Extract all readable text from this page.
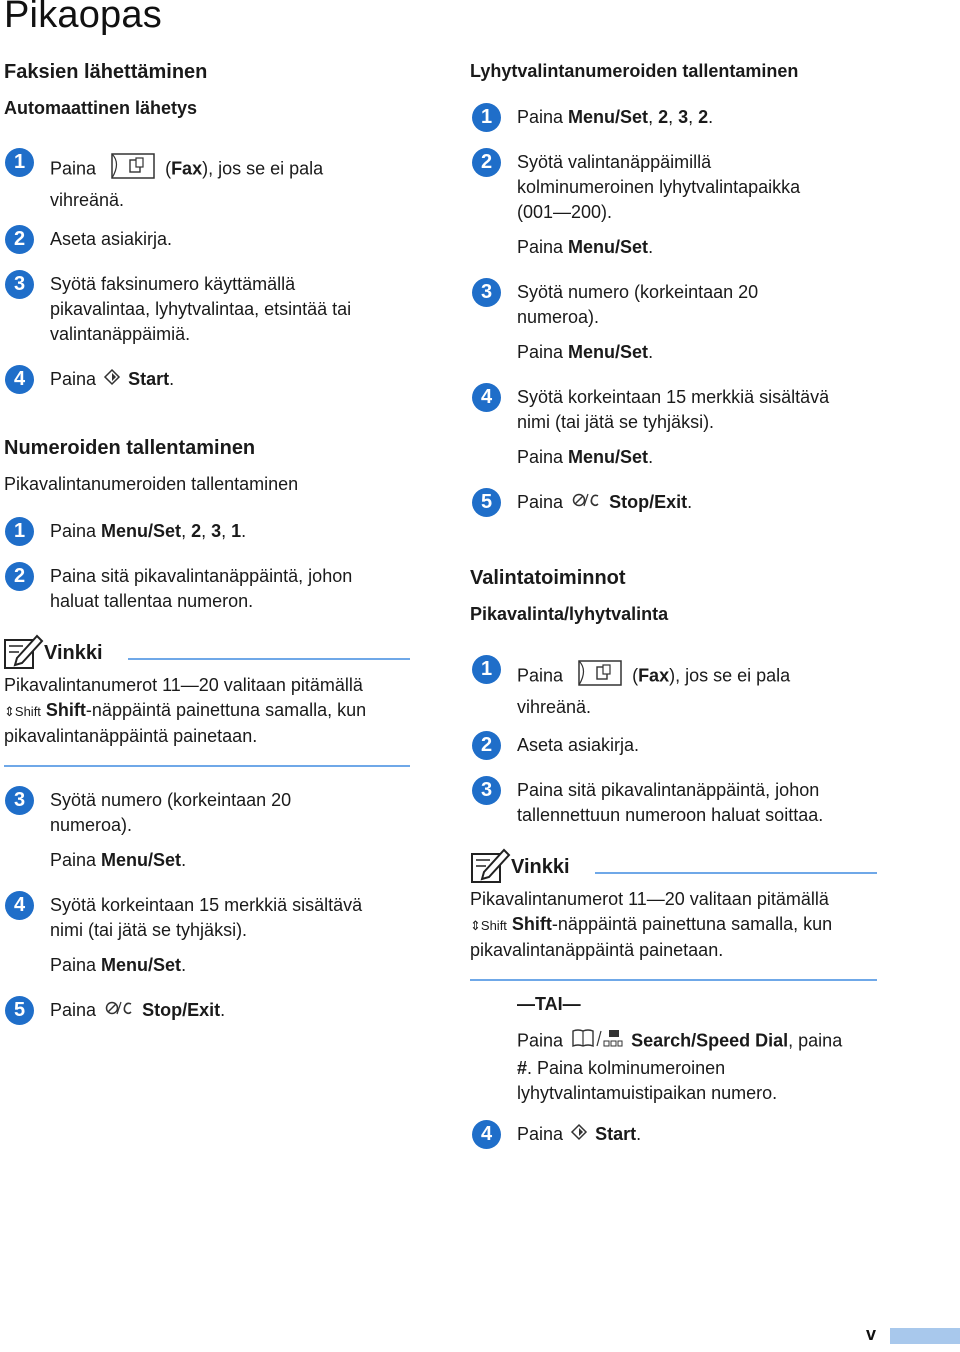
Pikaopas
Faksien lähettäminen
Automaattinen lähetys
1	Paina	(Fax), jos se ei pala
vihreänä.
2	Aseta asiakirja.
3	Syötä faksinumero käyttämällä
pikavalintaa, lyhytvalintaa, etsintää tai
valintanäppäimiä.
4	Paina Start.
Numeroiden tallentaminen
Pikavalintanumeroiden tallentaminen
1	Paina Menu/Set, 2, 3, 1.
2	Paina sitä pikavalintanäppäintä, johon
haluat tallentaa numeron.
Vinkki
Pikavalintanumerot 11—20 valitaan pitämällä
⇕Shift Shift-näppäintä painettuna samalla, kun
pikavalintanäppäintä painetaan.
3	Syötä numero (korkeintaan 20
numeroa).
Paina Menu/Set.
4	Syötä korkeintaan 15 merkkiä sisältävä
nimi (tai jätä se tyhjäksi).
Paina Menu/Set.
5	Paina	Stop/Exit.
Lyhytvalintanumeroiden tallentaminen
1	Paina Menu/Set, 2, 3, 2.
2	Syötä valintanäppäimillä
kolminumeroinen lyhytvalintapaikka
(001—200).
Paina Menu/Set.
3	Syötä numero (korkeintaan 20
numeroa).
Paina Menu/Set.
4	Syötä korkeintaan 15 merkkiä sisältävä
nimi (tai jätä se tyhjäksi).
Paina Menu/Set.
5	Paina	Stop/Exit.
Valintatoiminnot
Pikavalinta/lyhytvalinta
1	Paina	(Fax), jos se ei pala
vihreänä.
2	Aseta asiakirja.
3	Paina sitä pikavalintanäppäintä, johon
tallennettuun numeroon haluat soittaa.
Vinkki
Pikavalintanumerot 11—20 valitaan pitämällä
⇕Shift Shift-näppäintä painettuna samalla, kun
pikavalintanäppäintä painetaan.
—TAI—
Paina	Search/Speed Dial, paina
#. Paina kolminumeroinen
lyhytvalintamuistipaikan numero.
4	Paina Start.
v
